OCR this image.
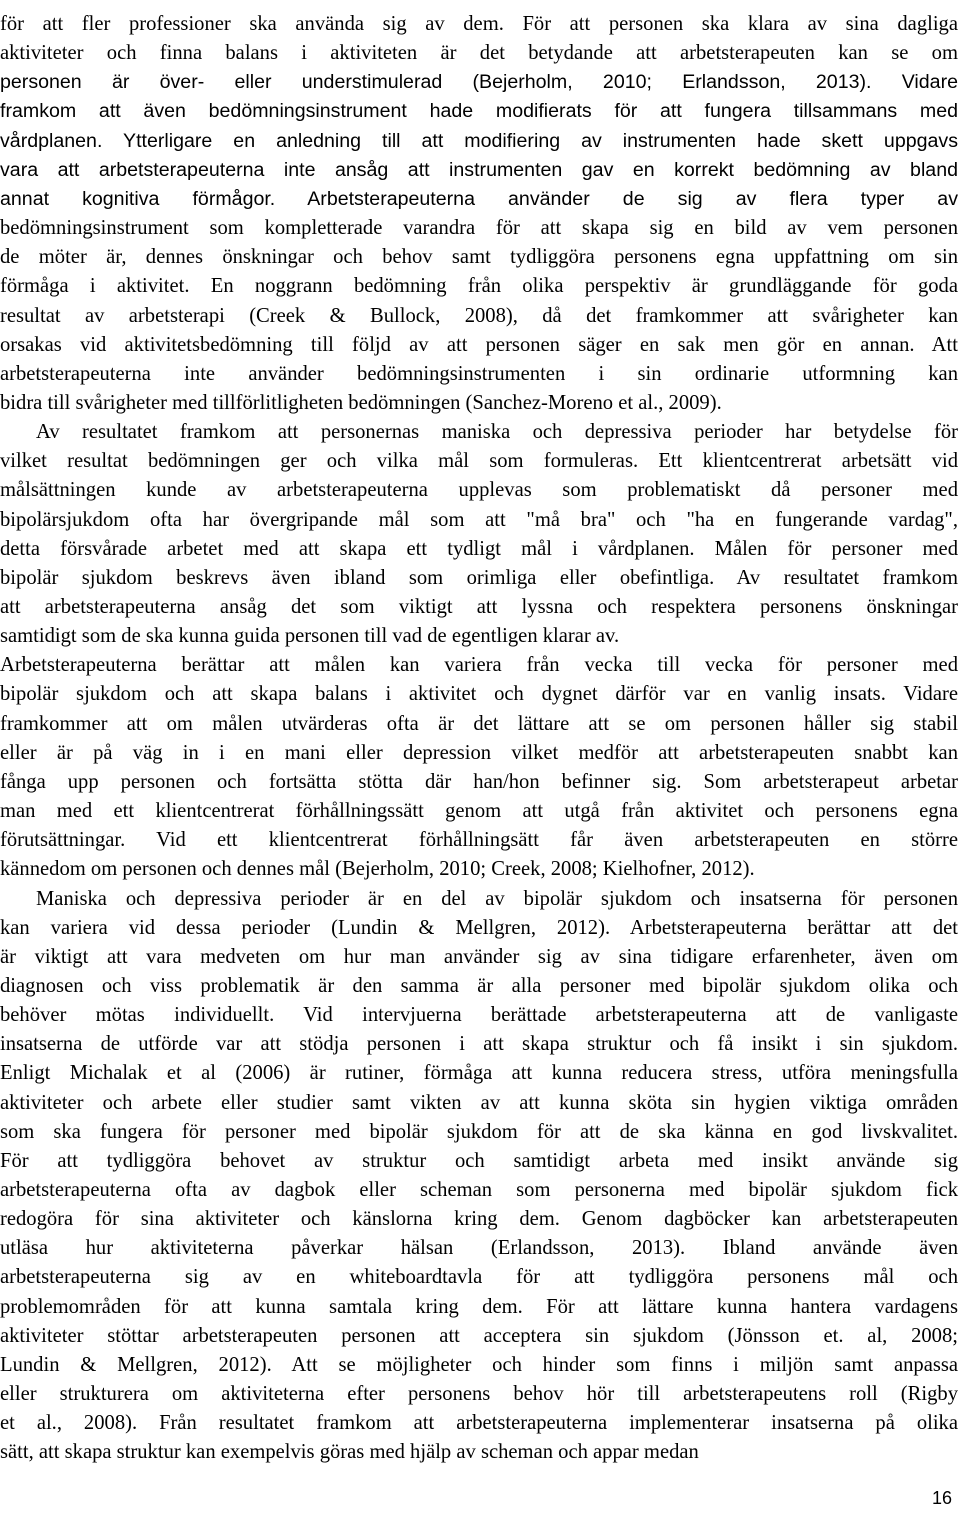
för att fler professioner ska använda sig av dem. För att personen ska klara av sina dagliga
aktiviteter och finna balans i aktiviteten är det betydande att arbetsterapeuten kan se om
personen är över- eller understimulerad (Bejerholm, 2010; Erlandsson, 2013). Vidare
framkom att även bedömningsinstrument hade modifierats för att fungera tillsammans med
vårdplanen. Ytterligare en anledning till att modifiering av instrumenten hade skett uppgavs
vara att arbetsterapeuterna inte ansåg att instrumenten gav en korrekt bedömning av bland
annat kognitiva förmågor. Arbetsterapeuterna använder de sig av flera typer av
bedömningsinstrument som kompletterade varandra för att skapa sig en bild av vem personen
de möter är, dennes önskningar och behov samt tydliggöra personens egna uppfattning om sin
förmåga i aktivitet. En noggrann bedömning från olika perspektiv är grundläggande för goda
resultat av arbetsterapi (Creek & Bullock, 2008), då det framkommer att svårigheter kan
orsakas vid aktivitetsbedömning till följd av att personen säger en sak men gör en annan. Att
arbetsterapeuterna inte använder bedömningsinstrumenten i sin ordinarie utformning kan
bidra till svårigheter med tillförlitligheten bedömningen (Sanchez-Moreno et al., 2009).
Av resultatet framkom att personernas maniska och depressiva perioder har betydelse för
vilket resultat bedömningen ger och vilka mål som formuleras. Ett klientcentrerat arbetsätt vid
målsättningen kunde av arbetsterapeuterna upplevas som problematiskt då personer med
bipolärsjukdom ofta har övergripande mål som att "må bra" och "ha en fungerande vardag",
detta försvårade arbetet med att skapa ett tydligt mål i vårdplanen. Målen för personer med
bipolär sjukdom beskrevs även ibland som orimliga eller obefintliga. Av resultatet framkom
att arbetsterapeuterna ansåg det som viktigt att lyssna och respektera personens önskningar
samtidigt som de ska kunna guida personen till vad de egentligen klarar av.
Arbetsterapeuterna berättar att målen kan variera från vecka till vecka för personer med
bipolär sjukdom och att skapa balans i aktivitet och dygnet därför var en vanlig insats. Vidare
framkommer att om målen utvärderas ofta är det lättare att se om personen håller sig stabil
eller är på väg in i en mani eller depression vilket medför att arbetsterapeuten snabbt kan
fånga upp personen och fortsätta stötta där han/hon befinner sig. Som arbetsterapeut arbetar
man med ett klientcentrerat förhållningssätt genom att utgå från aktivitet och personens egna
förutsättningar. Vid ett klientcentrerat förhållningsätt får även arbetsterapeuten en större
kännedom om personen och dennes mål (Bejerholm, 2010; Creek, 2008; Kielhofner, 2012).
Maniska och depressiva perioder är en del av bipolär sjukdom och insatserna för personen
kan variera vid dessa perioder (Lundin & Mellgren, 2012). Arbetsterapeuterna berättar att det
är viktigt att vara medveten om hur man använder sig av sina tidigare erfarenheter, även om
diagnosen och viss problematik är den samma är alla personer med bipolär sjukdom olika och
behöver mötas individuellt. Vid intervjuerna berättade arbetsterapeuterna att de vanligaste
insatserna de utförde var att stödja personen i att skapa struktur och få insikt i sin sjukdom.
Enligt Michalak et al (2006) är rutiner, förmåga att kunna reducera stress, utföra meningsfulla
aktiviteter och arbete eller studier samt vikten av att kunna sköta sin hygien viktiga områden
som ska fungera för personer med bipolär sjukdom för att de ska känna en god livskvalitet.
För att tydliggöra behovet av struktur och samtidigt arbeta med insikt använde sig
arbetsterapeuterna ofta av dagbok eller scheman som personerna med bipolär sjukdom fick
redogöra för sina aktiviteter och känslorna kring dem. Genom dagböcker kan arbetsterapeuten
utläsa hur aktiviteterna påverkar hälsan (Erlandsson, 2013). Ibland använde även
arbetsterapeuterna sig av en whiteboardtavla för att tydliggöra personens mål och
problemområden för att kunna samtala kring dem. För att lättare kunna hantera vardagens
aktiviteter stöttar arbetsterapeuten personen att acceptera sin sjukdom (Jönsson et. al, 2008;
Lundin & Mellgren, 2012). Att se möjligheter och hinder som finns i miljön samt anpassa
eller strukturera om aktiviteterna efter personens behov hör till arbetsterapeutens roll (Rigby
et al., 2008). Från resultatet framkom att arbetsterapeuterna implementerar insatserna på olika
sätt, att skapa struktur kan exempelvis göras med hjälp av scheman och appar medan
16
